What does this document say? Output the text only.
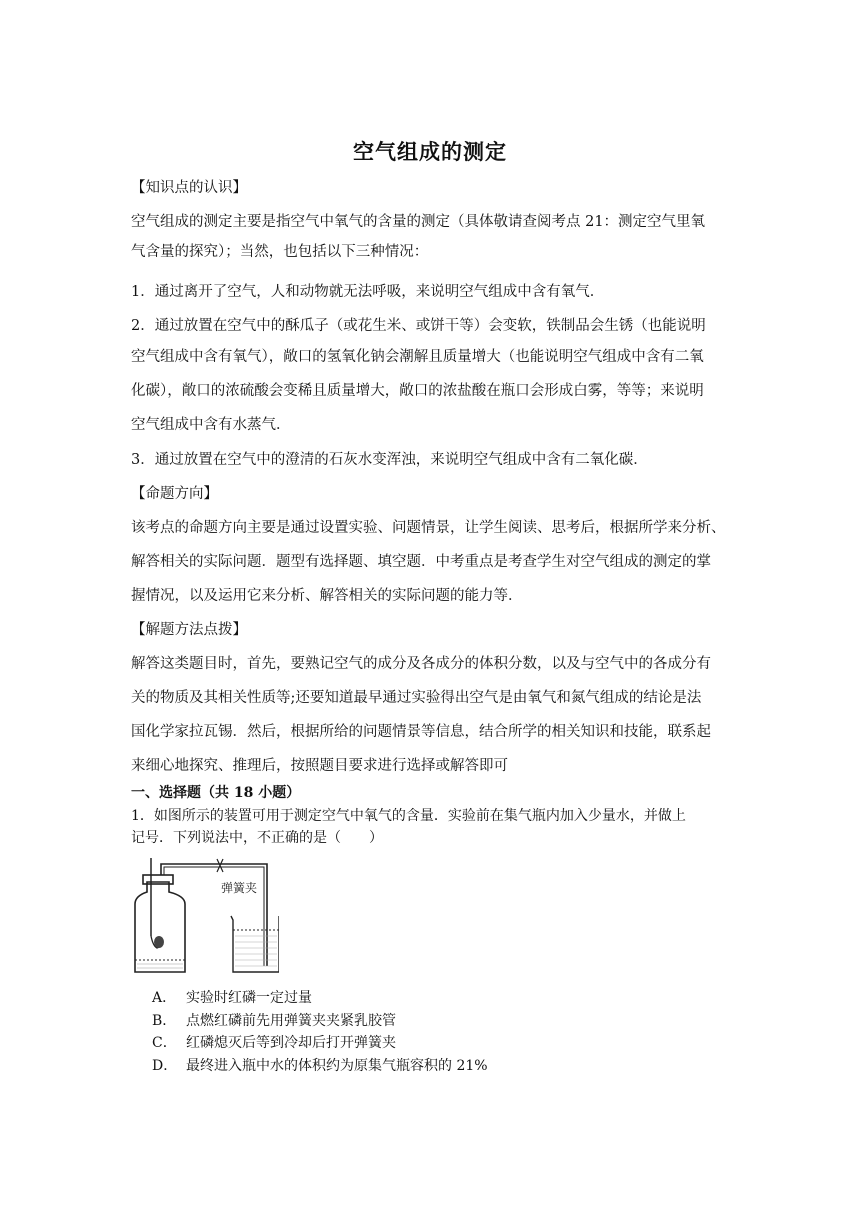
空气组成的测定
【知识点的认识】
空气组成的测定主要是指空气中氧气的含量的测定（具体敬请查阅考点 21：测定空气里氧
气含量的探究）；当然，也包括以下三种情况：
1．通过离开了空气，人和动物就无法呼吸，来说明空气组成中含有氧气．
2．通过放置在空气中的酥瓜子（或花生米、或饼干等）会变软，铁制品会生锈（也能说明
空气组成中含有氧气），敞口的氢氧化钠会潮解且质量增大（也能说明空气组成中含有二氧
化碳），敞口的浓硫酸会变稀且质量增大，敞口的浓盐酸在瓶口会形成白雾，等等；来说明
空气组成中含有水蒸气．
3．通过放置在空气中的澄清的石灰水变浑浊，来说明空气组成中含有二氧化碳．
【命题方向】
该考点的命题方向主要是通过设置实验、问题情景，让学生阅读、思考后，根据所学来分析、
解答相关的实际问题．题型有选择题、填空题．中考重点是考查学生对空气组成的测定的掌
握情况，以及运用它来分析、解答相关的实际问题的能力等．
【解题方法点拨】
解答这类题目时，首先，要熟记空气的成分及各成分的体积分数，以及与空气中的各成分有
关的物质及其相关性质等;还要知道最早通过实验得出空气是由氧气和氮气组成的结论是法
国化学家拉瓦锡．然后，根据所给的问题情景等信息，结合所学的相关知识和技能，联系起
来细心地探究、推理后，按照题目要求进行选择或解答即可
一、选择题（共 18 小题）
1．如图所示的装置可用于测定空气中氧气的含量．实验前在集气瓶内加入少量水，并做上
记号．下列说法中，不正确的是（　　）
弹簧夹
A． 实验时红磷一定过量
B． 点燃红磷前先用弹簧夹夹紧乳胶管
C． 红磷熄灭后等到冷却后打开弹簧夹
D． 最终进入瓶中水的体积约为原集气瓶容积的 21%
